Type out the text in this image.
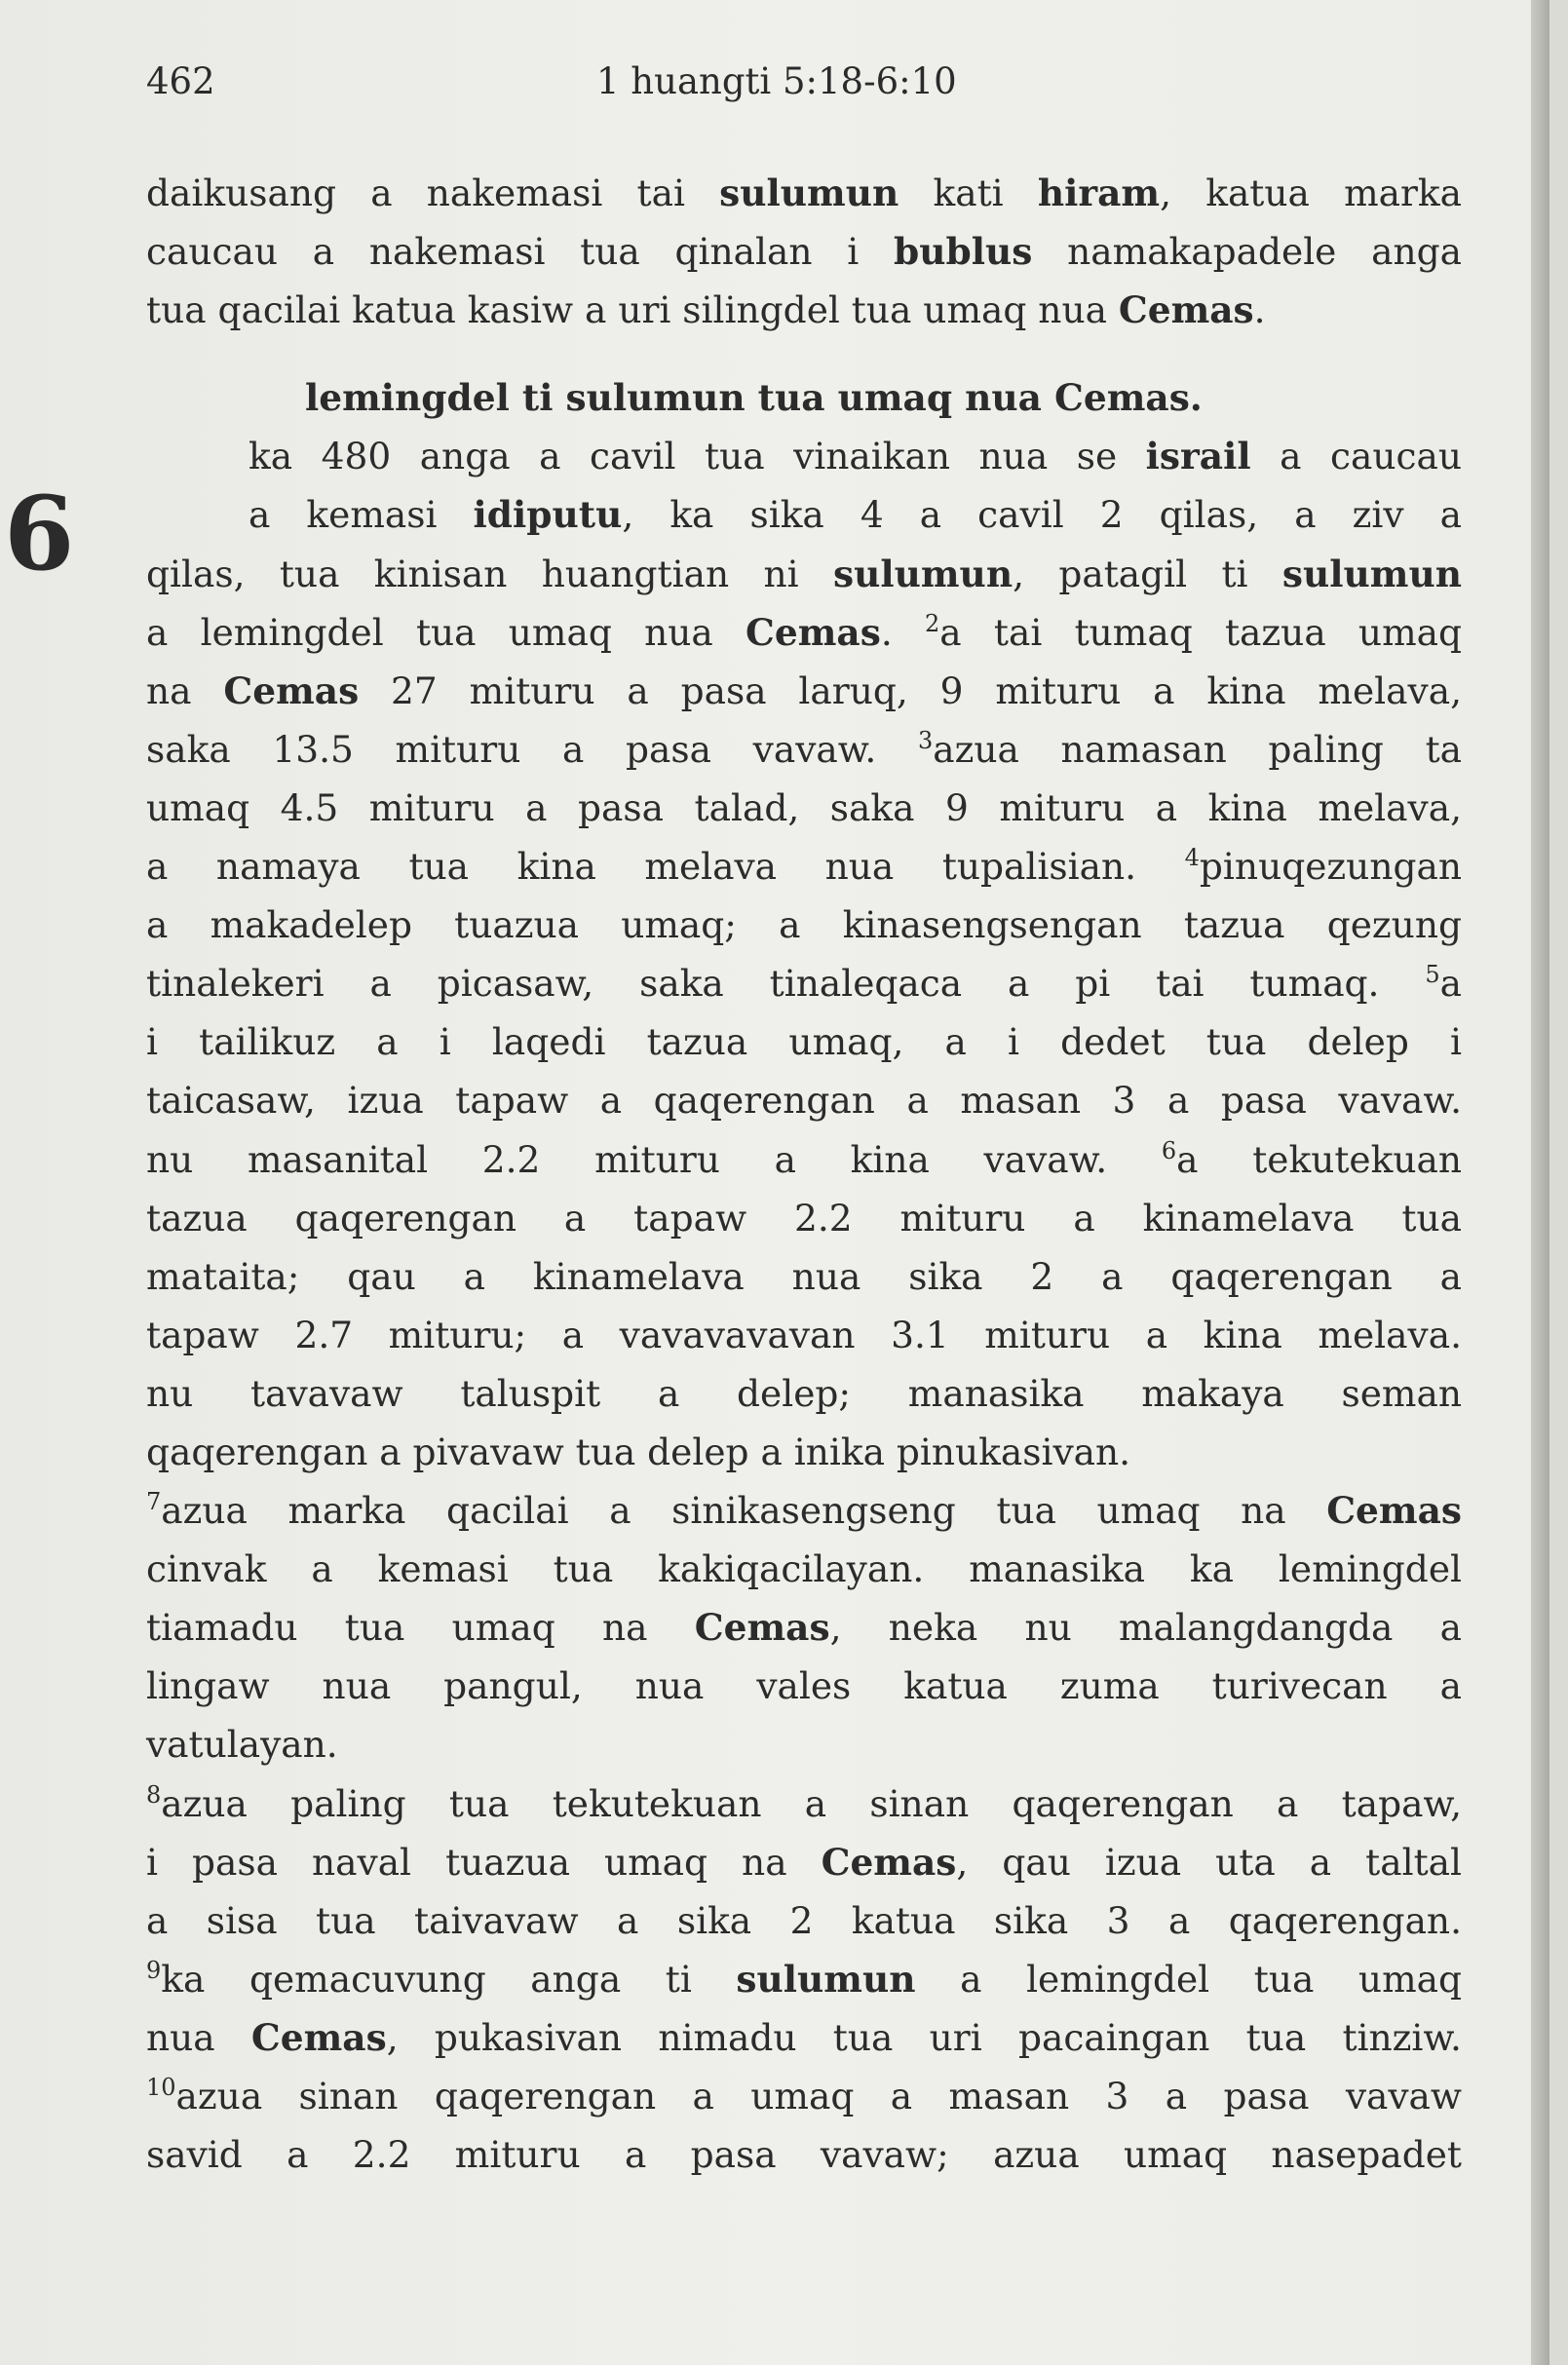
462	1 huangti 5:18-6:10
6
daikusang a nakemasi tai sulumun kati hiram, katua marka
caucau a nakemasi tua qinalan i bublus namakapadele anga
tua qacilai katua kasiw a uri silingdel tua umaq nua Cemas.
lemingdel ti sulumun tua umaq nua Cemas.
ka 480 anga a cavil tua vinaikan nua se israil a caucau
a kemasi idiputu, ka sika 4 a cavil 2 qilas, a ziv a
qilas, tua kinisan huangtian ni sulumun, patagil ti sulumun
a lemingdel tua umaq nua Cemas. $^2$a tai tumaq tazua umaq
na Cemas 27 mituru a pasa laruq, 9 mituru a kina melava,
saka 13.5 mituru a pasa vavaw. $^3$azua namasan paling ta
umaq 4.5 mituru a pasa talad, saka 9 mituru a kina melava,
a namaya tua kina melava nua tupalisian. $^4$pinuqezungan
a makadelep tuazua umaq; a kinasengsengan tazua qezung
tinalekeri a picasaw, saka tinaleqaca a pi tai tumaq. $^5$a
i tailikuz a i laqedi tazua umaq, a i dedet tua delep i
taicasaw, izua tapaw a qaqerengan a masan 3 a pasa vavaw.
nu masanital 2.2 mituru a kina vavaw. $^6$a tekutekuan
tazua qaqerengan a tapaw 2.2 mituru a kinamelava tua
mataita; qau a kinamelava nua sika 2 a qaqerengan a
tapaw 2.7 mituru; a vavavavavan 3.1 mituru a kina melava.
nu tavavaw taluspit a delep; manasika makaya seman
qaqerengan a pivavaw tua delep a inika pinukasivan.
$^7$azua marka qacilai a sinikasengseng tua umaq na Cemas
cinvak a kemasi tua kakiqacilayan. manasika ka lemingdel
tiamadu tua umaq na Cemas, neka nu malangdangda a
lingaw nua pangul, nua vales katua zuma turivecan a
vatulayan.
$^8$azua paling tua tekutekuan a sinan qaqerengan a tapaw,
i pasa naval tuazua umaq na Cemas, qau izua uta a taltal
a sisa tua taivavaw a sika 2 katua sika 3 a qaqerengan.
$^9$ka qemacuvung anga ti sulumun a lemingdel tua umaq
nua Cemas, pukasivan nimadu tua uri pacaingan tua tinziw.
$^{10}$azua sinan qaqerengan a umaq a masan 3 a pasa vavaw
savid a 2.2 mituru a pasa vavaw; azua umaq nasepadet
